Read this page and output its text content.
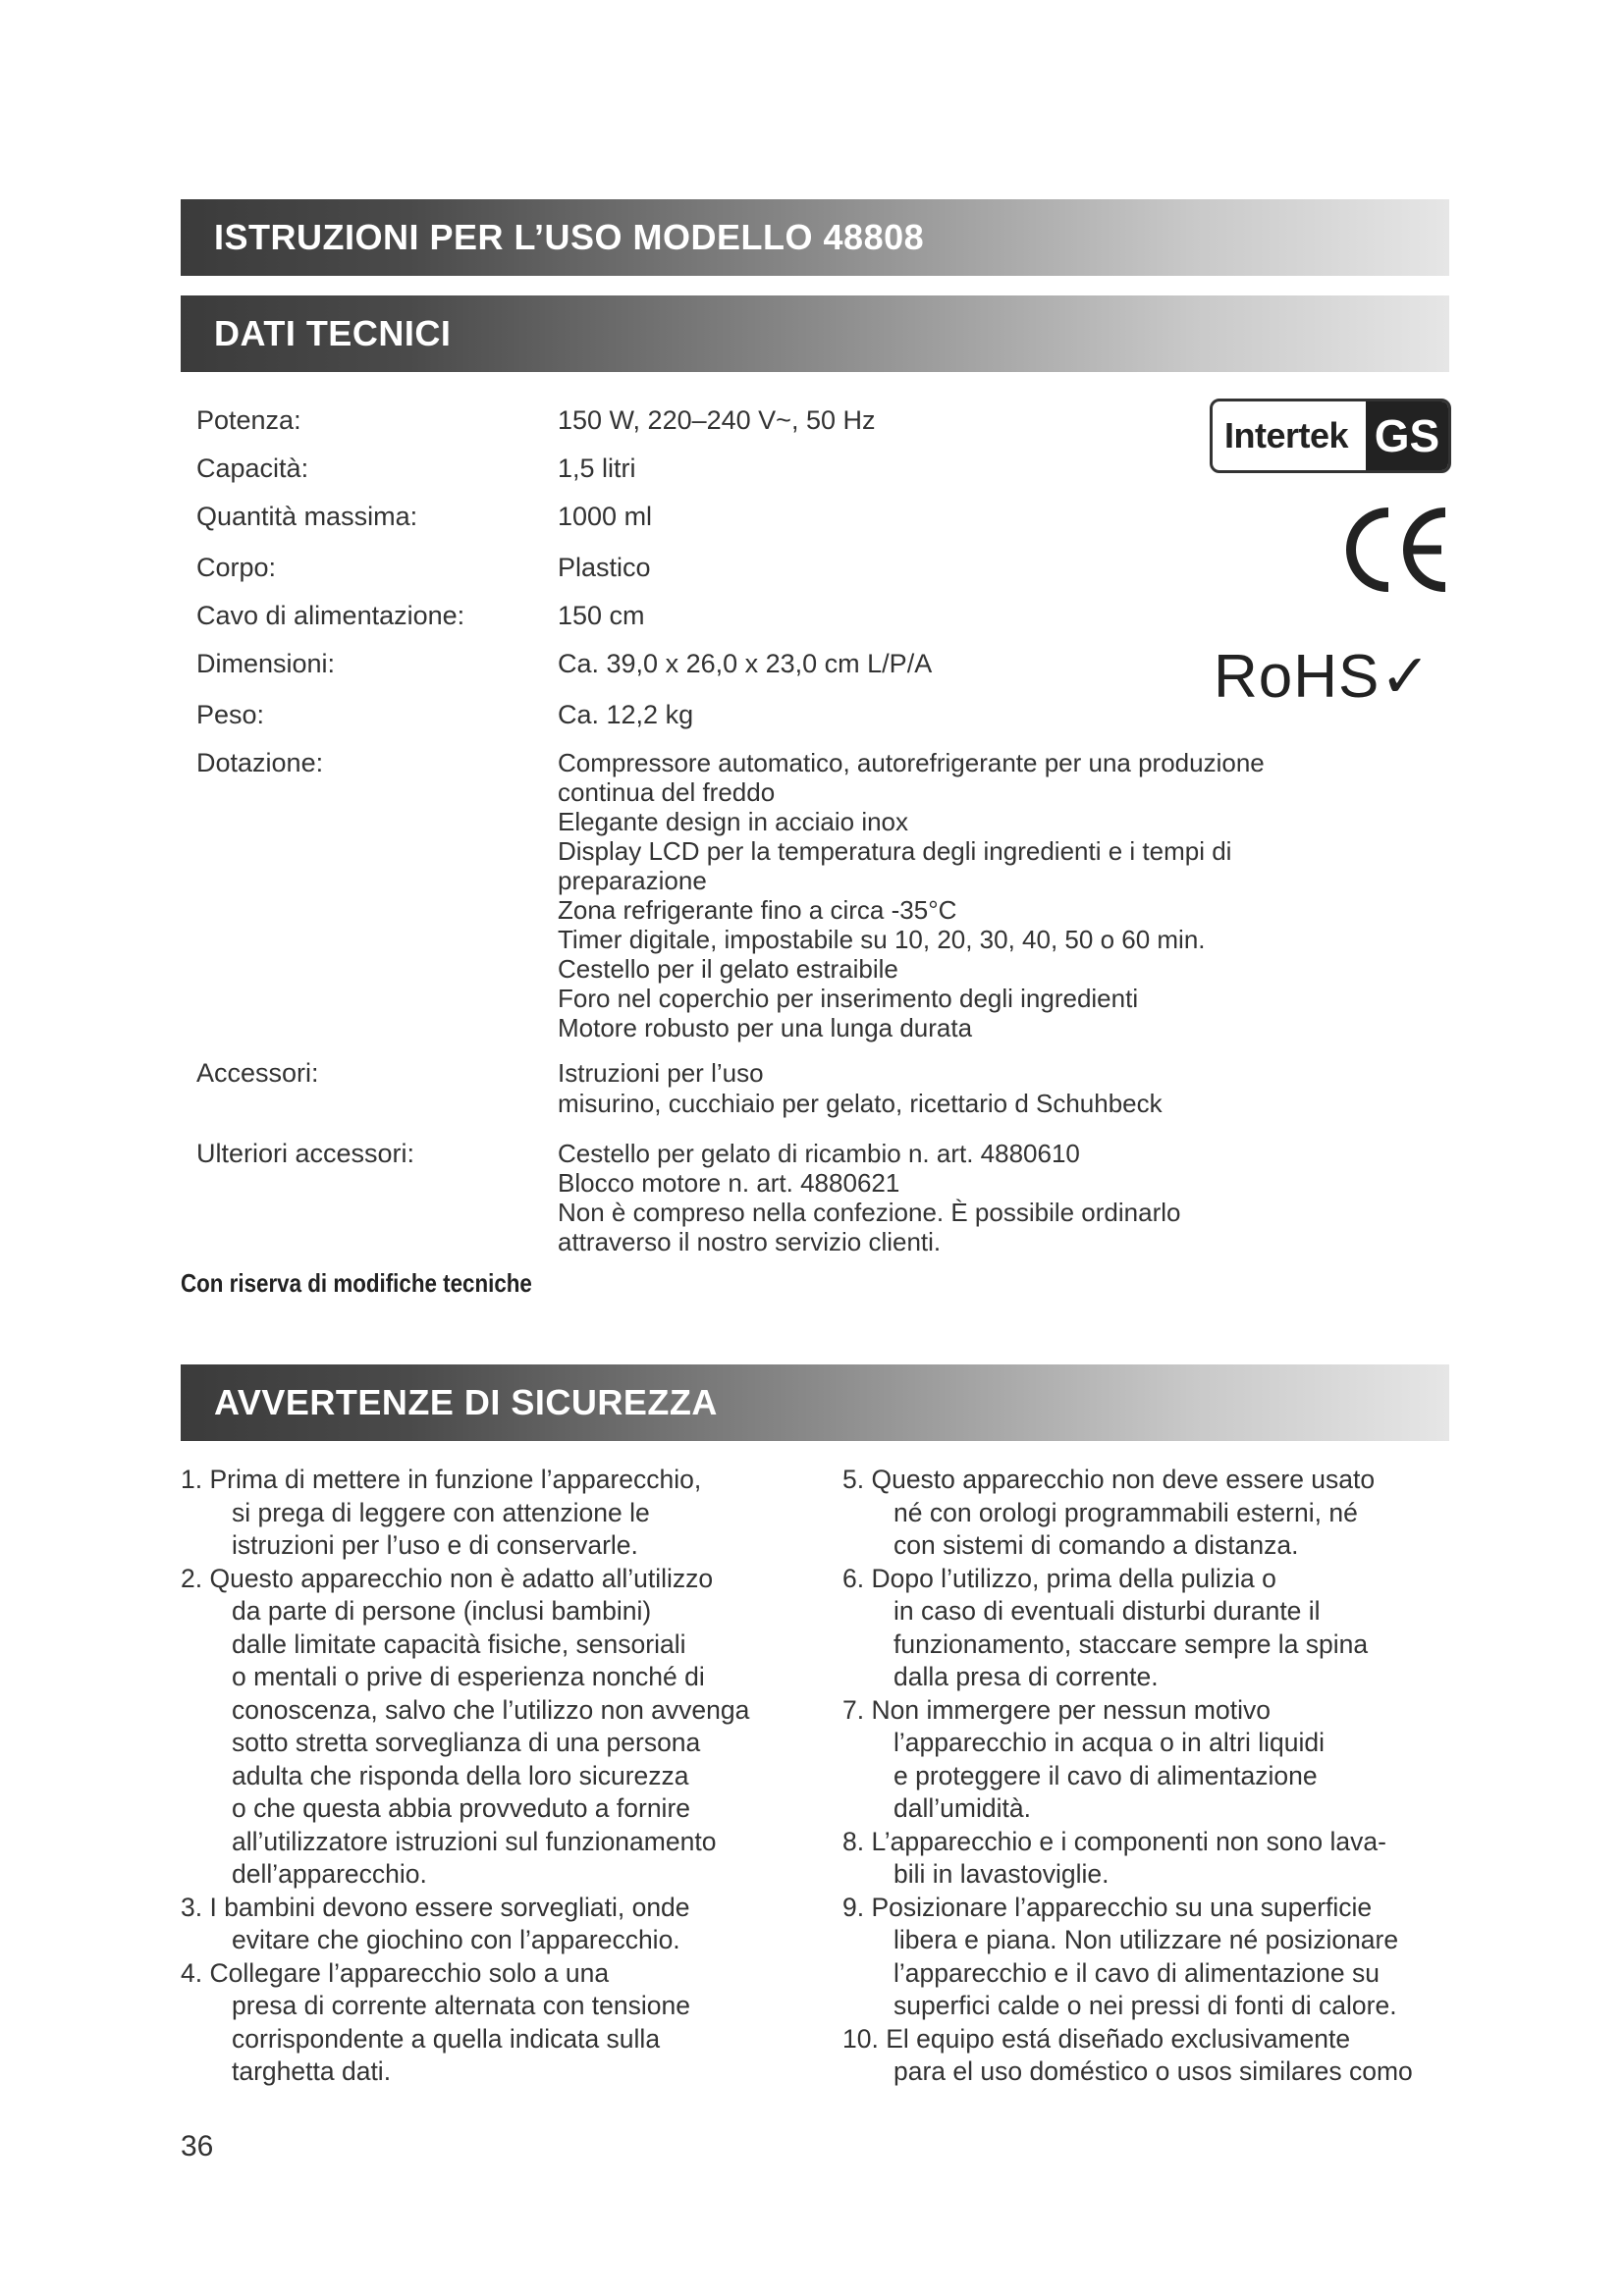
ISTRUZIONI PER L’USO MODELLO 48808
DATI TECNICI
Potenza:	150 W, 220–240 V~, 50 Hz
Capacità:	1,5 litri
Quantità massima:	1000 ml
Corpo:	Plastico
Cavo di alimentazione:	150 cm
Dimensioni:	Ca. 39,0 x 26,0 x 23,0 cm L/P/A
Peso:	Ca. 12,2 kg
Dotazione:	Compressore automatico, autorefrigerante per una produzione
continua del freddo
Elegante design in acciaio inox
Display LCD per la temperatura degli ingredienti e i tempi di
preparazione
Zona refrigerante fino a circa -35°C
Timer digitale, impostabile su 10, 20, 30, 40, 50 o 60 min.
Cestello per il gelato estraibile
Foro nel coperchio per inserimento degli ingredienti
Motore robusto per una lunga durata
Accessori:	Istruzioni per l’uso
misurino, cucchiaio per gelato, ricettario d Schuhbeck
Ulteriori accessori:	Cestello per gelato di ricambio n. art. 4880610
Blocco motore n. art. 4880621
Non è compreso nella confezione. È possibile ordinarlo
attraverso il nostro servizio clienti.
Con riserva di modifiche tecniche
Intertek GS
RoHS✓
AVVERTENZE DI SICUREZZA
1. Prima di mettere in funzione l’apparecchio,
si prega di leggere con attenzione le
istruzioni per l’uso e di conservarle.
2. Questo apparecchio non è adatto all’utilizzo
da parte di persone (inclusi bambini)
dalle limitate capacità fisiche, sensoriali
o mentali o prive di esperienza nonché di
conoscenza, salvo che l’utilizzo non avvenga
sotto stretta sorveglianza di una persona
adulta che risponda della loro sicurezza
o che questa abbia provveduto a fornire
all’utilizzatore istruzioni sul funzionamento
dell’apparecchio.
3. I bambini devono essere sorvegliati, onde
evitare che giochino con l’apparecchio.
4. Collegare l’apparecchio solo a una
presa di corrente alternata con tensione
corrispondente a quella indicata sulla
targhetta dati.
5. Questo apparecchio non deve essere usato
né con orologi programmabili esterni, né
con sistemi di comando a distanza.
6. Dopo l’utilizzo, prima della pulizia o
in caso di eventuali disturbi durante il
funzionamento, staccare sempre la spina
dalla presa di corrente.
7. Non immergere per nessun motivo
l’apparecchio in acqua o in altri liquidi
e proteggere il cavo di alimentazione
dall’umidità.
8. L’apparecchio e i componenti non sono lava-
bili in lavastoviglie.
9. Posizionare l’apparecchio su una superficie
libera e piana. Non utilizzare né posizionare
l’apparecchio e il cavo di alimentazione su
superfici calde o nei pressi di fonti di calore.
10. El equipo está diseñado exclusivamente
para el uso doméstico o usos similares como
36
